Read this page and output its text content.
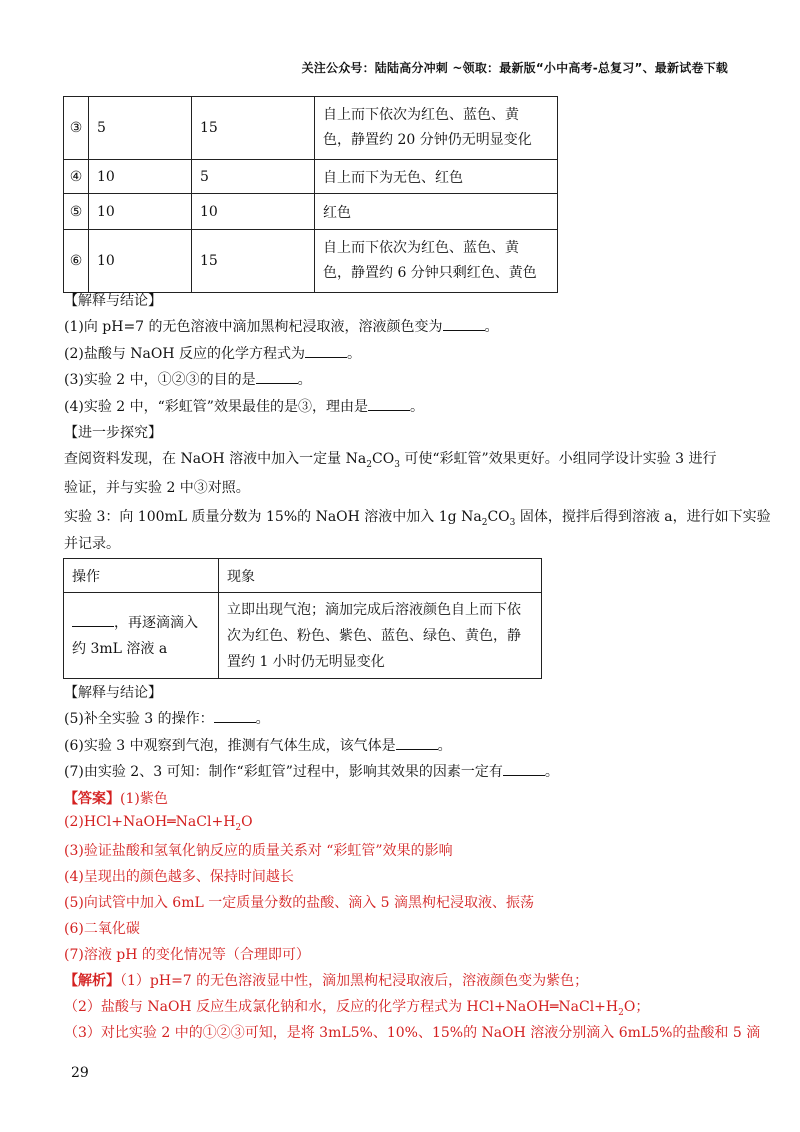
关注公众号：陆陆高分冲刺 ~领取：最新版“小中高考-总复习”、最新试卷下载
③	5	15	自上而下依次为红色、蓝色、黄
色，静置约 20 分钟仍无明显变化
④	10	5	自上而下为无色、红色
⑤	10	10	红色
⑥	10	15	自上而下依次为红色、蓝色、黄
色，静置约 6 分钟只剩红色、黄色
【解释与结论】
(1)向 pH=7 的无色溶液中滴加黑枸杞浸取液，溶液颜色变为	。
(2)盐酸与 NaOH 反应的化学方程式为	。
(3)实验 2 中，①②③的目的是	。
(4)实验 2 中，“彩虹管”效果最佳的是③，理由是	。
【进一步探究】
查阅资料发现，在 NaOH 溶液中加入一定量 $Na_2CO_3$ 可使“彩虹管”效果更好。小组同学设计实验 3 进行
验证，并与实验 2 中③对照。
实验 3：向 100mL 质量分数为 15%的 NaOH 溶液中加入 1g $Na_2CO_3$ 固体，搅拌后得到溶液 a，进行如下实验
并记录。
操作	现象
，再逐滴滴入
约 3mL 溶液 a	立即出现气泡；滴加完成后溶液颜色自上而下依
次为红色、粉色、紫色、蓝色、绿色、黄色，静
置约 1 小时仍无明显变化
【解释与结论】
(5)补全实验 3 的操作：	。
(6)实验 3 中观察到气泡，推测有气体生成，该气体是	。
(7)由实验 2、3 可知：制作“彩虹管”过程中，影响其效果的因素一定有	。
【答案】(1)紫色
$(2)HCl+NaOH═NaCl+H_2O$
(3)验证盐酸和氢氧化钠反应的质量关系对 “彩虹管”效果的影响
(4)呈现出的颜色越多、保持时间越长
(5)向试管中加入 6mL 一定质量分数的盐酸、滴入 5 滴黑枸杞浸取液、振荡
(6)二氧化碳
(7)溶液 pH 的变化情况等（合理即可）
【解析】（1）pH=7 的无色溶液显中性，滴加黑枸杞浸取液后，溶液颜色变为紫色；
（2）盐酸与 NaOH 反应生成氯化钠和水，反应的化学方程式为 $HCl+NaOH═NaCl+H_2O$；
（3）对比实验 2 中的①②③可知，是将 3mL5%、10%、15%的 NaOH 溶液分别滴入 6mL5%的盐酸和 5 滴
29
